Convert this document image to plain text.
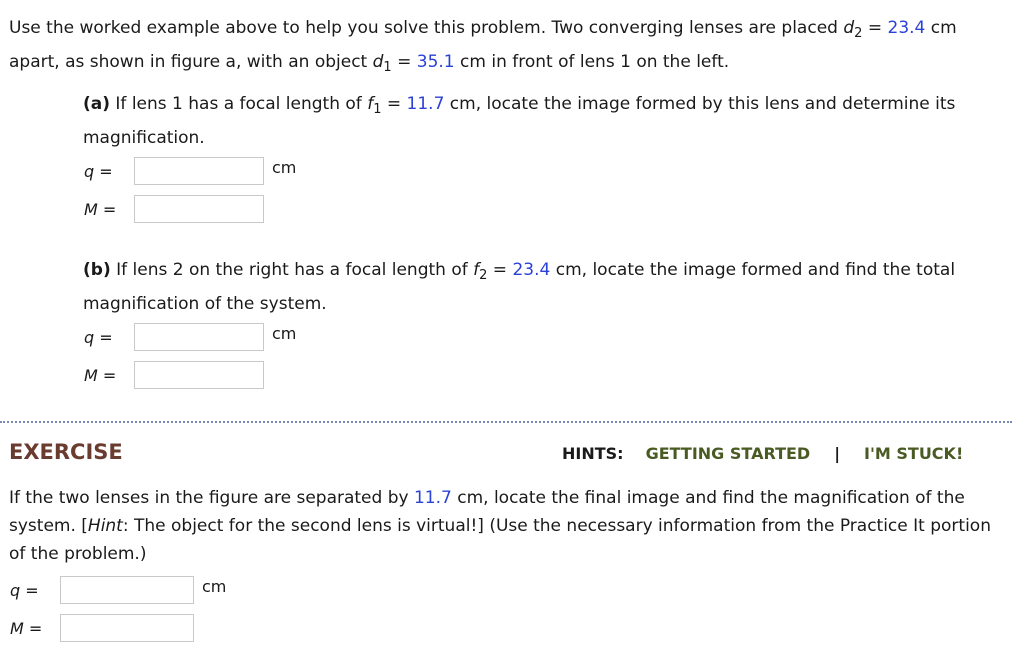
Use the worked example above to help you solve this problem. Two converging lenses are placed $d_2 = 23.4$ cm apart, as shown in figure a, with an object $d_1 = 35.1$ cm in front of lens 1 on the left.

(a) If lens 1 has a focal length of $f_1 = 11.7$ cm, locate the image formed by this lens and determine its magnification.

q =	cm
M =

(b) If lens 2 on the right has a focal length of $f_2 = 23.4$ cm, locate the image formed and find the total magnification of the system.

q =	cm
M =
EXERCISE	HINTS: GETTING STARTED | I'M STUCK!

If the two lenses in the figure are separated by 11.7 cm, locate the final image and find the magnification of the system. [Hint: The object for the second lens is virtual!] (Use the necessary information from the Practice It portion of the problem.)

q =	cm
M =
